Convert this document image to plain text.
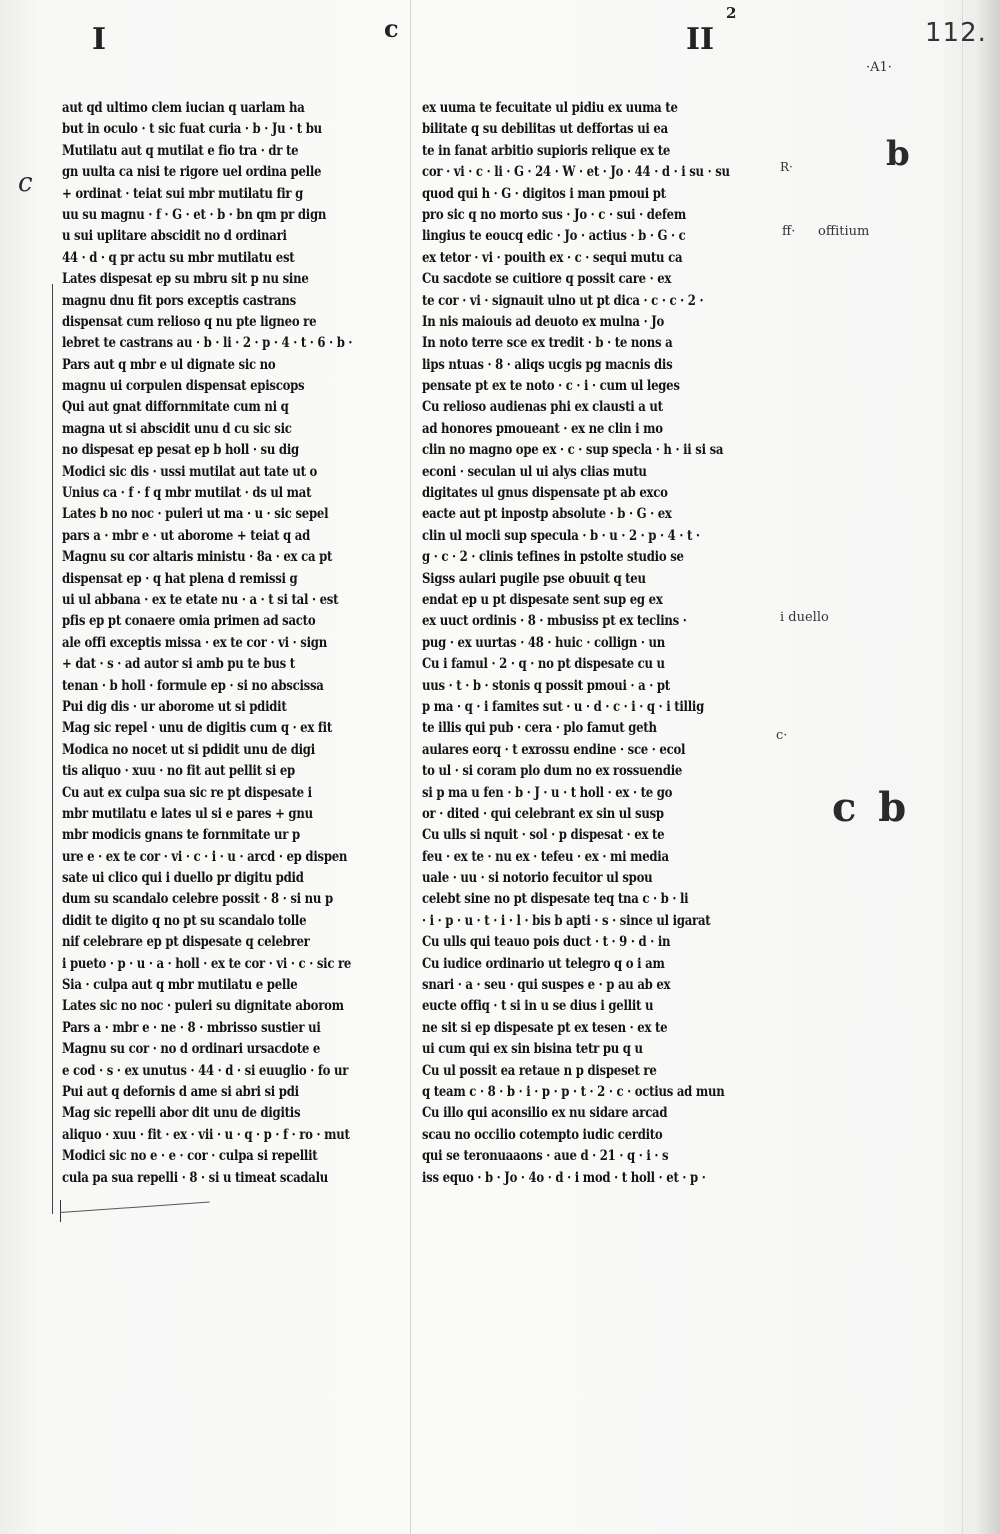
I	c	II
2
112.
·A1·
c
R·	b
ff· offitium
i duello
c·
c b
aut qd ultimo clem iucian q uarlam ha
but in oculo · t sic fuat curia · b · Ju · t bu
Mutilatu aut q mutilat e fio tra · dr te
gn uulta ca nisi te rigore uel ordina pelle
+ ordinat · teiat sui mbr mutilatu fir g
uu su magnu · f · G · et · b · bn qm pr dign
u sui uplitare abscidit no d ordinari
44 · d · q pr actu su mbr mutilatu est
Lates dispesat ep su mbru sit p nu sine
magnu dnu fit pors exceptis castrans
dispensat cum relioso q nu pte ligneo re
lebret te castrans au · b · li · 2 · p · 4 · t · 6 · b ·
Pars aut q mbr e ul dignate sic no
magnu ui corpulen dispensat episcops
Qui aut gnat diffornmitate cum ni q
magna ut si abscidit unu d cu sic sic
no dispesat ep pesat ep b holl · su dig
Modici sic dis · ussi mutilat aut tate ut o
Unius ca · f · f q mbr mutilat · ds ul mat
Lates b no noc · puleri ut ma · u · sic sepel
pars a · mbr e · ut aborome + teiat q ad
Magnu su cor altaris ministu · 8a · ex ca pt
dispensat ep · q hat plena d remissi g
ui ul abbana · ex te etate nu · a · t si tal · est
pfis ep pt conaere omia primen ad sacto
ale offi exceptis missa · ex te cor · vi · sign
+ dat · s · ad autor si amb pu te bus t
tenan · b holl · formule ep · si no abscissa
Pui dig dis · ur aborome ut si pdidit
Mag sic repel · unu de digitis cum q · ex fit
Modica no nocet ut si pdidit unu de digi
tis aliquo · xuu · no fit aut pellit si ep
Cu aut ex culpa sua sic re pt dispesate i
mbr mutilatu e lates ul si e pares + gnu
mbr modicis gnans te fornmitate ur p
ure e · ex te cor · vi · c · i · u · arcd · ep dispen
sate ui clico qui i duello pr digitu pdid
dum su scandalo celebre possit · 8 · si nu p
didit te digito q no pt su scandalo tolle
nif celebrare ep pt dispesate q celebrer
i pueto · p · u · a · holl · ex te cor · vi · c · sic re
Sia · culpa aut q mbr mutilatu e pelle
Lates sic no noc · puleri su dignitate aborom
Pars a · mbr e · ne · 8 · mbrisso sustier ui
Magnu su cor · no d ordinari ursacdote e
e cod · s · ex unutus · 44 · d · si euuglio · fo ur
Pui aut q defornis d ame si abri si pdi
Mag sic repelli abor dit unu de digitis
aliquo · xuu · fit · ex · vii · u · q · p · f · ro · mut
Modici sic no e · e · cor · culpa si repellit
cula pa sua repelli · 8 · si u timeat scadalu
ex uuma te fecuitate ul pidiu ex uuma te
bilitate q su debilitas ut deffortas ui ea
te in fanat arbitio supioris relique ex te
cor · vi · c · li · G · 24 · W · et · Jo · 44 · d · i su · su
quod qui h · G · digitos i man pmoui pt
pro sic q no morto sus · Jo · c · sui · defem
lingius te eoucq edic · Jo · actius · b · G · c
ex tetor · vi · pouith ex · c · sequi mutu ca
Cu sacdote se cuitiore q possit care · ex
te cor · vi · signauit ulno ut pt dica · c · c · 2 ·
In nis maiouis ad deuoto ex mulna · Jo
In noto terre sce ex tredit · b · te nons a
lips ntuas · 8 · aliqs ucgis pg macnis dis
pensate pt ex te noto · c · i · cum ul leges
Cu relioso audienas phi ex clausti a ut
ad honores pmoueant · ex ne clin i mo
clin no magno ope ex · c · sup specla · h · ii si sa
econi · seculan ul ui alys clias mutu
digitates ul gnus dispensate pt ab exco
eacte aut pt inpostp absolute · b · G · ex
clin ul mocli sup specula · b · u · 2 · p · 4 · t ·
g · c · 2 · clinis tefines in pstolte studio se
Sigss aulari pugile pse obuuit q teu
endat ep u pt dispesate sent sup eg ex
ex uuct ordinis · 8 · mbusiss pt ex teclins ·
pug · ex uurtas · 48 · huic · collign · un
Cu i famul · 2 · q · no pt dispesate cu u
uus · t · b · stonis q possit pmoui · a · pt
p ma · q · i famites sut · u · d · c · i · q · i tillig
te illis qui pub · cera · plo famut geth
aulares eorq · t exrossu endine · sce · ecol
to ul · si coram plo dum no ex rossuendie
si p ma u fen · b · J · u · t holl · ex · te go
or · dited · qui celebrant ex sin ul susp
Cu ulls si nquit · sol · p dispesat · ex te
feu · ex te · nu ex · tefeu · ex · mi media
uale · uu · si notorio fecuitor ul spou
celebt sine no pt dispesate teq tna c · b · li
· i · p · u · t · i · l · bis b apti · s · since ul igarat
Cu ulls qui teauo pois duct · t · 9 · d · in
Cu iudice ordinario ut telegro q o i am
snari · a · seu · qui suspes e · p au ab ex
eucte offiq · t si in u se dius i gellit u
ne sit si ep dispesate pt ex tesen · ex te
ui cum qui ex sin bisina tetr pu q u
Cu ul possit ea retaue n p dispeset re
q team c · 8 · b · i · p · p · t · 2 · c · octius ad mun
Cu illo qui aconsilio ex nu sidare arcad
scau no occilio cotempto iudic cerdito
qui se teronuaaons · aue d · 21 · q · i · s
iss equo · b · Jo · 4o · d · i mod · t holl · et · p ·
